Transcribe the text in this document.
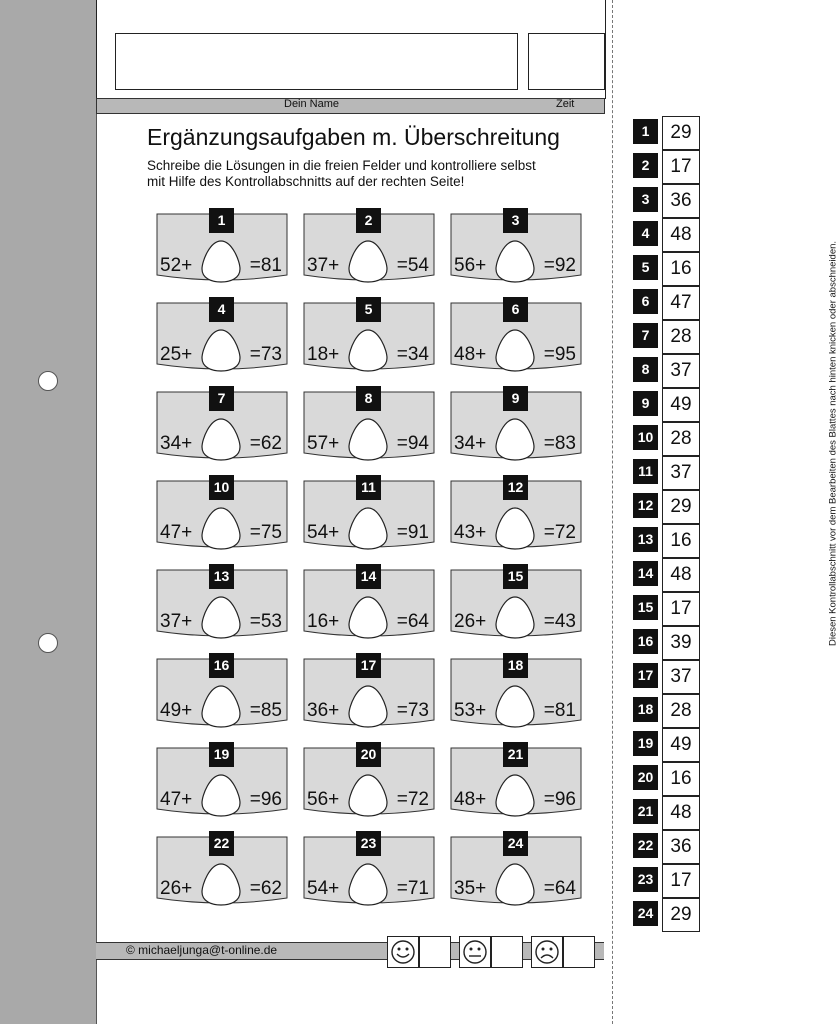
Dein Name	Zeit
Ergänzungsaufgaben m. Überschreitung
Schreibe die Lösungen in die freien Felder und kontrolliere selbst
mit Hilfe des Kontrollabschnitts auf der rechten Seite!
1
52+	=81
2
37+	=54
3
56+	=92
4
25+	=73
5
18+	=34
6
48+	=95
7
34+	=62
8
57+	=94
9
34+	=83
10
47+	=75
11
54+	=91
12
43+	=72
13
37+	=53
14
16+	=64
15
26+	=43
16
49+	=85
17
36+	=73
18
53+	=81
19
47+	=96
20
56+	=72
21
48+	=96
22
26+	=62
23
54+	=71
24
35+	=64
Diesen Kontrollabschnitt vor dem Bearbeiten des Blattes nach hinten knicken oder abschneiden.
1	29
2	17
3	36
4	48
5	16
6	47
7	28
8	37
9	49
10 28
11 37
12 29
13 16
14 48
15 17
16 39
17 37
18 28
19 49
20 16
21 48
22 36
23 17
24 29
© michaeljunga@t-online.de
